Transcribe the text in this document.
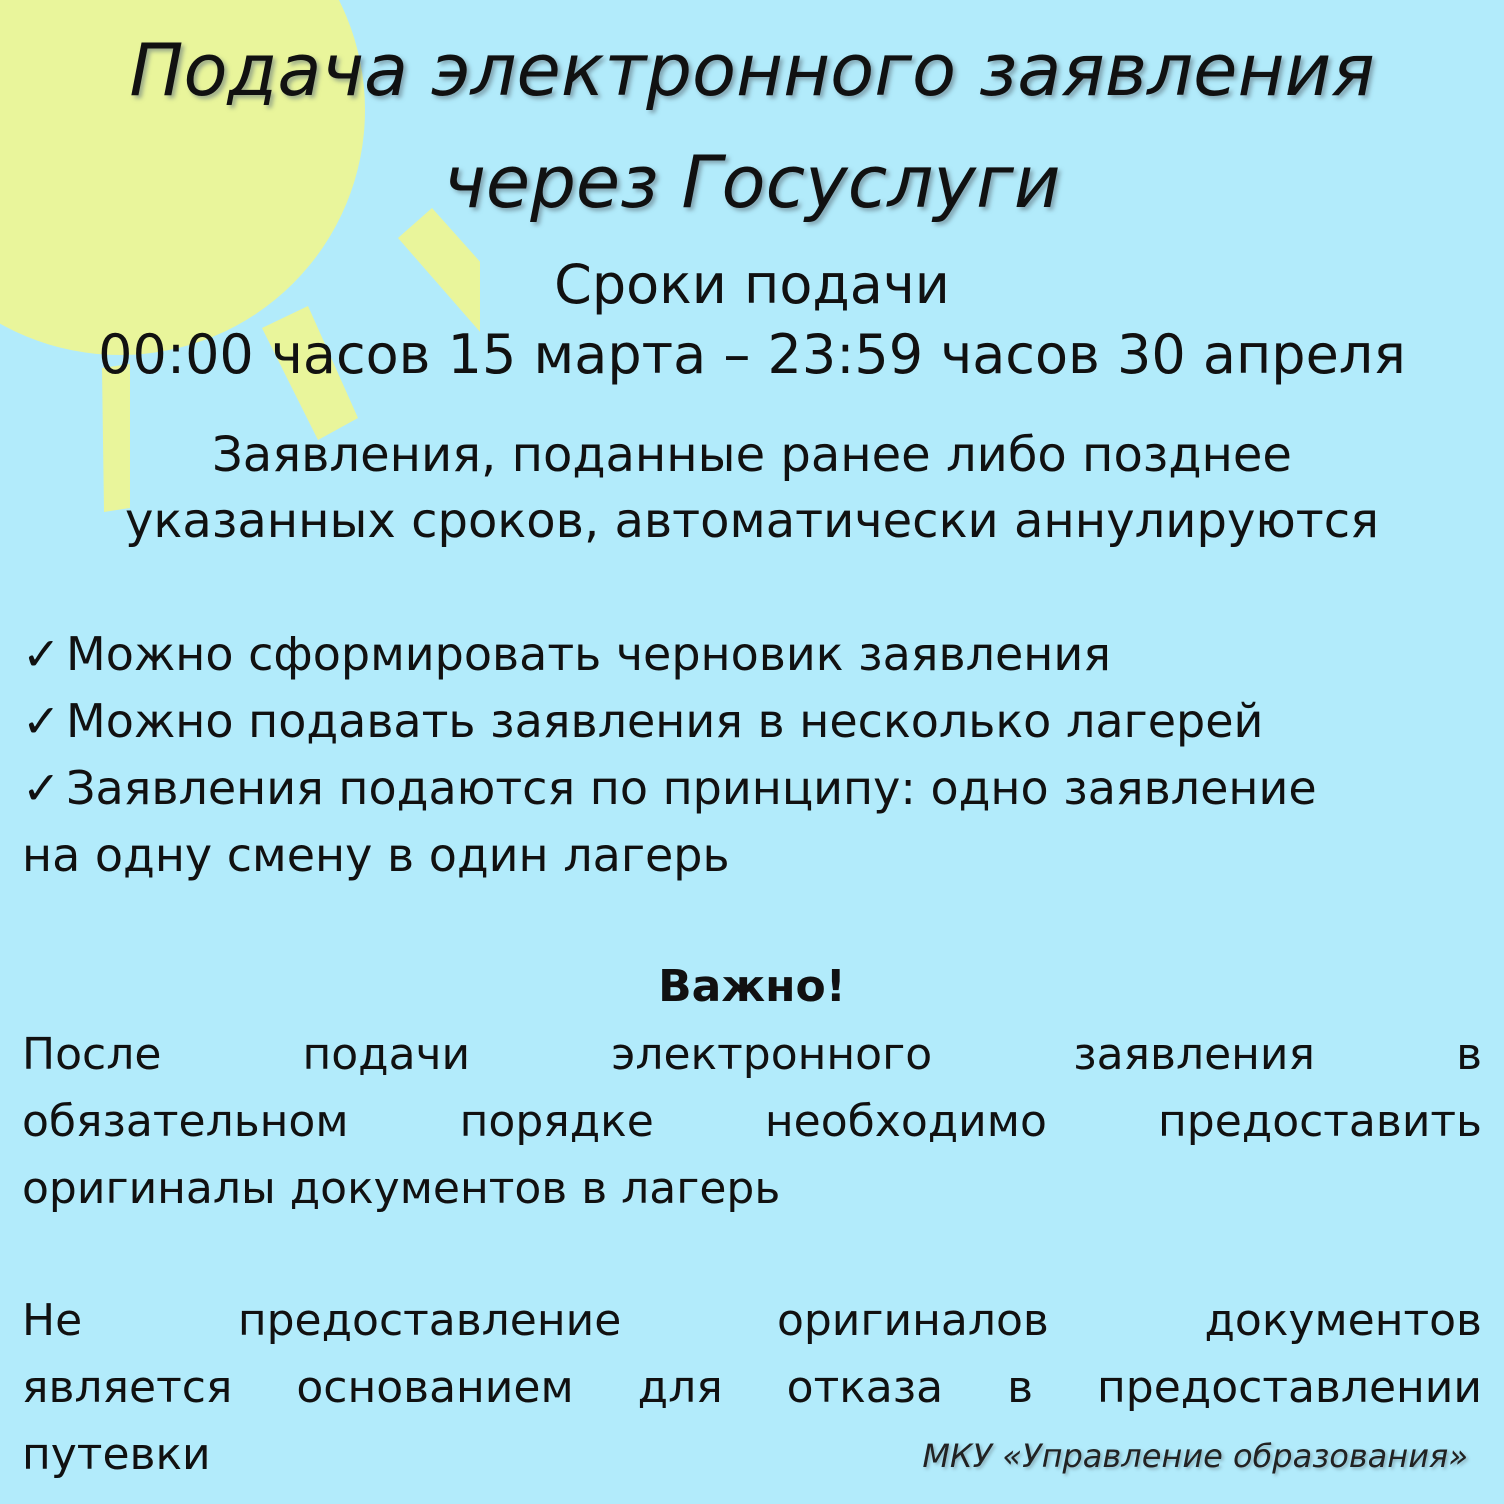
Подача электронного заявления
через Госуслуги
Сроки подачи
00:00 часов 15 марта – 23:59 часов 30 апреля
Заявления, поданные ранее либо позднее
указанных сроков, автоматически аннулируются
✓ Можно сформировать черновик заявления
✓ Можно подавать заявления в несколько лагерей
✓ Заявления подаются по принципу: одно заявление
на одну смену в один лагерь
Важно!
После	подачи	электронного	заявления	в
обязательном	порядке	необходимо	предоставить
оригиналы документов в лагерь
Не	предоставление	оригиналов	документов
является основанием для отказа в предоставлении
путевки	МКУ «Управление образования»
